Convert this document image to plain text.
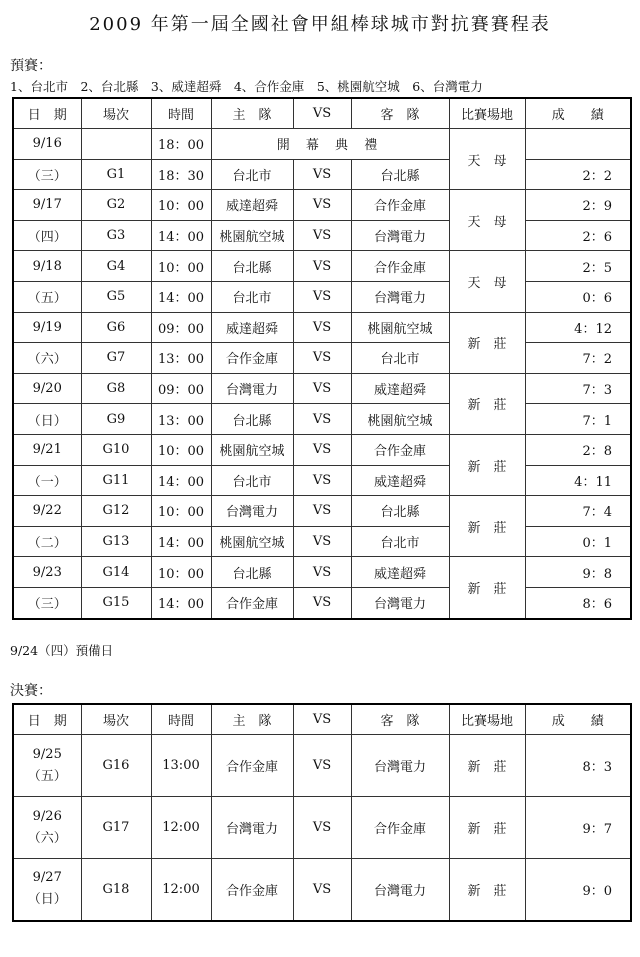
2009 年第一屆全國社會甲組棒球城市對抗賽賽程表
預賽：
1、台北市　2、台北縣　3、威達超舜　4、合作金庫　5、桃園航空城　6、台灣電力
日　期	場次	時間	主　隊	VS	客　隊	比賽場地	成　　績
9/16		18：00	開 幕 典 禮			天　母	
（三）	G1	18：30	台北市	VS	台北縣		2：2
9/17	G2	10：00	威達超舜	VS	合作金庫	天　母	2：9
（四）	G3	14：00	桃園航空城	VS	台灣電力		2：6
9/18	G4	10：00	台北縣	VS	合作金庫	天　母	2：5
（五）	G5	14：00	台北市	VS	台灣電力		0：6
9/19	G6	09：00	威達超舜	VS	桃園航空城	新　莊	4：12
（六）	G7	13：00	合作金庫	VS	台北市		7：2
9/20	G8	09：00	台灣電力	VS	威達超舜	新　莊	7：3
（日）	G9	13：00	台北縣	VS	桃園航空城		7：1
9/21	G10	10：00	桃園航空城	VS	合作金庫	新　莊	2：8
（一）	G11	14：00	台北市	VS	威達超舜		4：11
9/22	G12	10：00	台灣電力	VS	台北縣	新　莊	7：4
（二）	G13	14：00	桃園航空城	VS	台北市		0：1
9/23	G14	10：00	台北縣	VS	威達超舜	新　莊	9：8
（三）	G15	14：00	合作金庫	VS	台灣電力		8：6
9/24（四）預備日
決賽：
日　期	場次	時間	主　隊	VS	客　隊	比賽場地	成　　績

9/25
（五）	G16	13:00	合作金庫	VS	台灣電力	新　莊	8：3

9/26
（六）	G17	12:00	台灣電力	VS	合作金庫	新　莊	9：7

9/27
（日）	G18	12:00	合作金庫	VS	台灣電力	新　莊	9：0
